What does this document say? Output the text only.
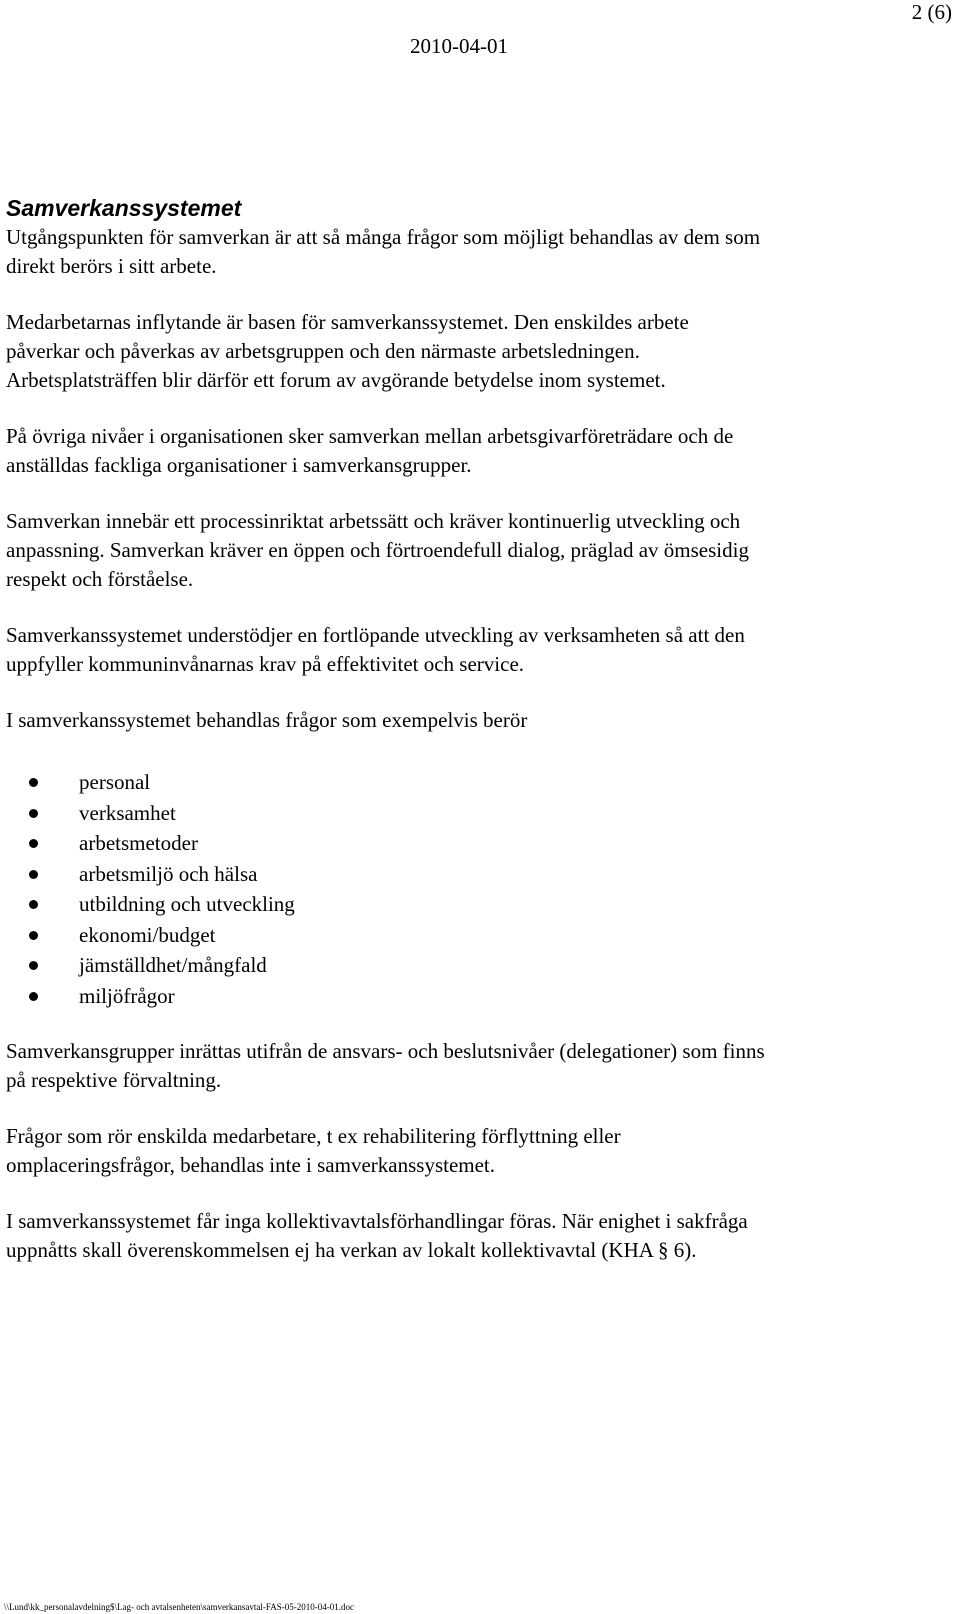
2 (6)
2010-04-01
Samverkanssystemet

Utgångspunkten för samverkan är att så många frågor som möjligt behandlas av dem som direkt berörs i sitt arbete.

Medarbetarnas inflytande är basen för samverkanssystemet. Den enskildes arbete påverkar och påverkas av arbetsgruppen och den närmaste arbetsledningen. Arbetsplatsträffen blir därför ett forum av avgörande betydelse inom systemet.

På övriga nivåer i organisationen sker samverkan mellan arbetsgivarföreträdare och de anställdas fackliga organisationer i samverkansgrupper.

Samverkan innebär ett processinriktat arbetssätt och kräver kontinuerlig utveckling och anpassning. Samverkan kräver en öppen och förtroendefull dialog, präglad av ömsesidig respekt och förståelse.

Samverkanssystemet understödjer en fortlöpande utveckling av verksamheten så att den uppfyller kommuninvånarnas krav på effektivitet och service.

I samverkanssystemet behandlas frågor som exempelvis berör

personal
verksamhet
arbetsmetoder
arbetsmiljö och hälsa
utbildning och utveckling
ekonomi/budget
jämställdhet/mångfald
miljöfrågor

Samverkansgrupper inrättas utifrån de ansvars- och beslutsnivåer (delegationer) som finns på respektive förvaltning.

Frågor som rör enskilda medarbetare, t ex rehabilitering förflyttning eller omplaceringsfrågor, behandlas inte i samverkanssystemet.

I samverkanssystemet får inga kollektivavtalsförhandlingar föras. När enighet i sakfråga uppnåtts skall överenskommelsen ej ha verkan av lokalt kollektivavtal (KHA § 6).

\\Lund\kk_personalavdelning$\Lag- och avtalsenheten\samverkansavtal-FAS-05-2010-04-01.doc
